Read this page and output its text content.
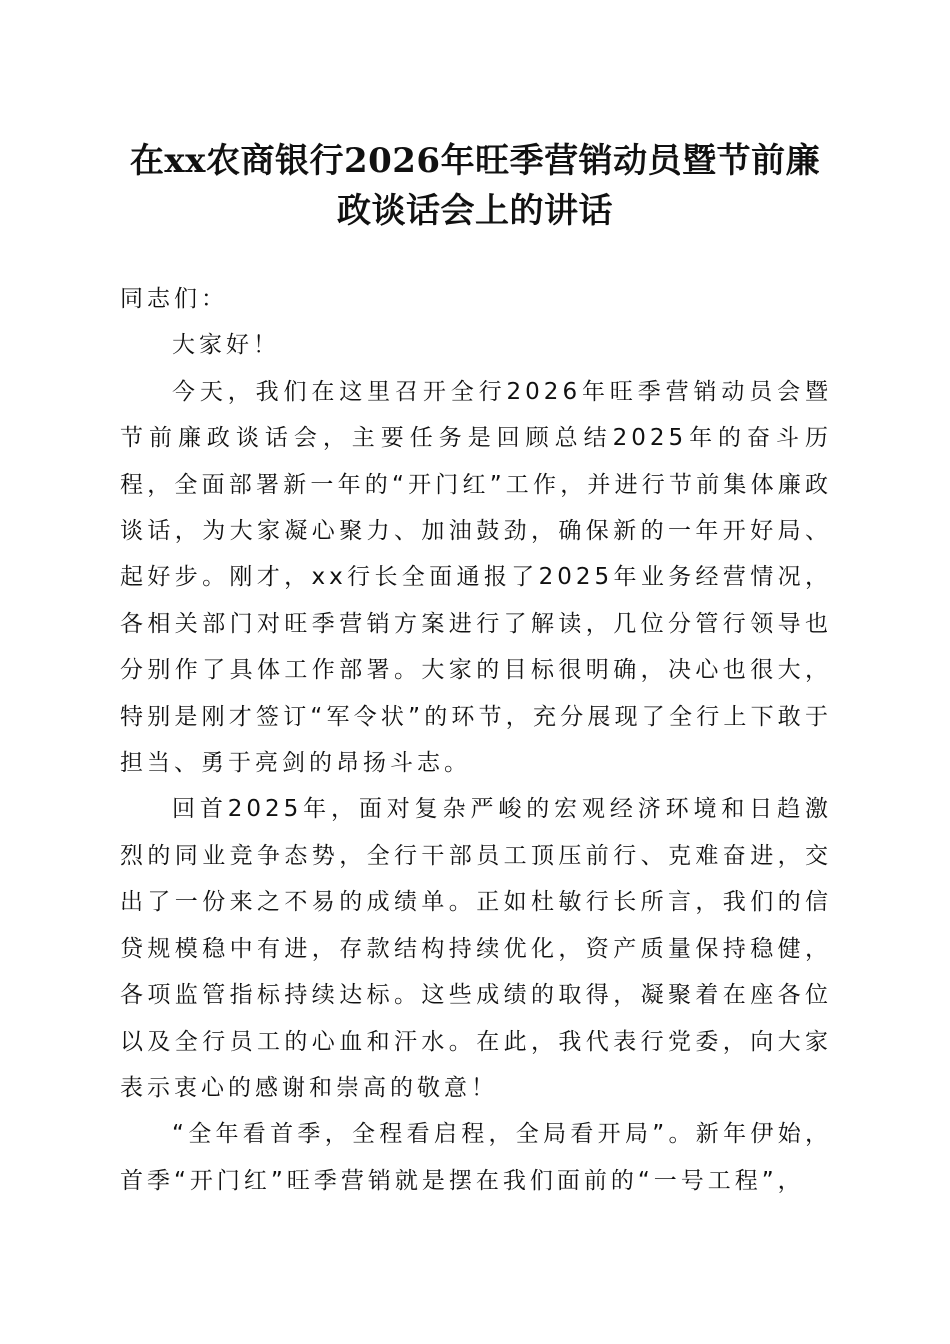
在xx农商银行2026年旺季营销动员暨节前廉
政谈话会上的讲话

同志们：

大家好！

今天，我们在这里召开全行2026年旺季营销动员会暨节前廉政谈话会，主要任务是回顾总结2025年的奋斗历程，全面部署新一年的“开门红”工作，并进行节前集体廉政谈话，为大家凝心聚力、加油鼓劲，确保新的一年开好局、起好步。刚才，xx行长全面通报了2025年业务经营情况，各相关部门对旺季营销方案进行了解读，几位分管行领导也分别作了具体工作部署。大家的目标很明确，决心也很大，特别是刚才签订“军令状”的环节，充分展现了全行上下敢于担当、勇于亮剑的昂扬斗志。

回首2025年，面对复杂严峻的宏观经济环境和日趋激烈的同业竞争态势，全行干部员工顶压前行、克难奋进，交出了一份来之不易的成绩单。正如杜敏行长所言，我们的信贷规模稳中有进，存款结构持续优化，资产质量保持稳健，各项监管指标持续达标。这些成绩的取得，凝聚着在座各位以及全行员工的心血和汗水。在此，我代表行党委，向大家表示衷心的感谢和崇高的敬意！

“全年看首季，全程看启程，全局看开局”。新年伊始，首季“开门红”旺季营销就是摆在我们面前的“一号工程”，
